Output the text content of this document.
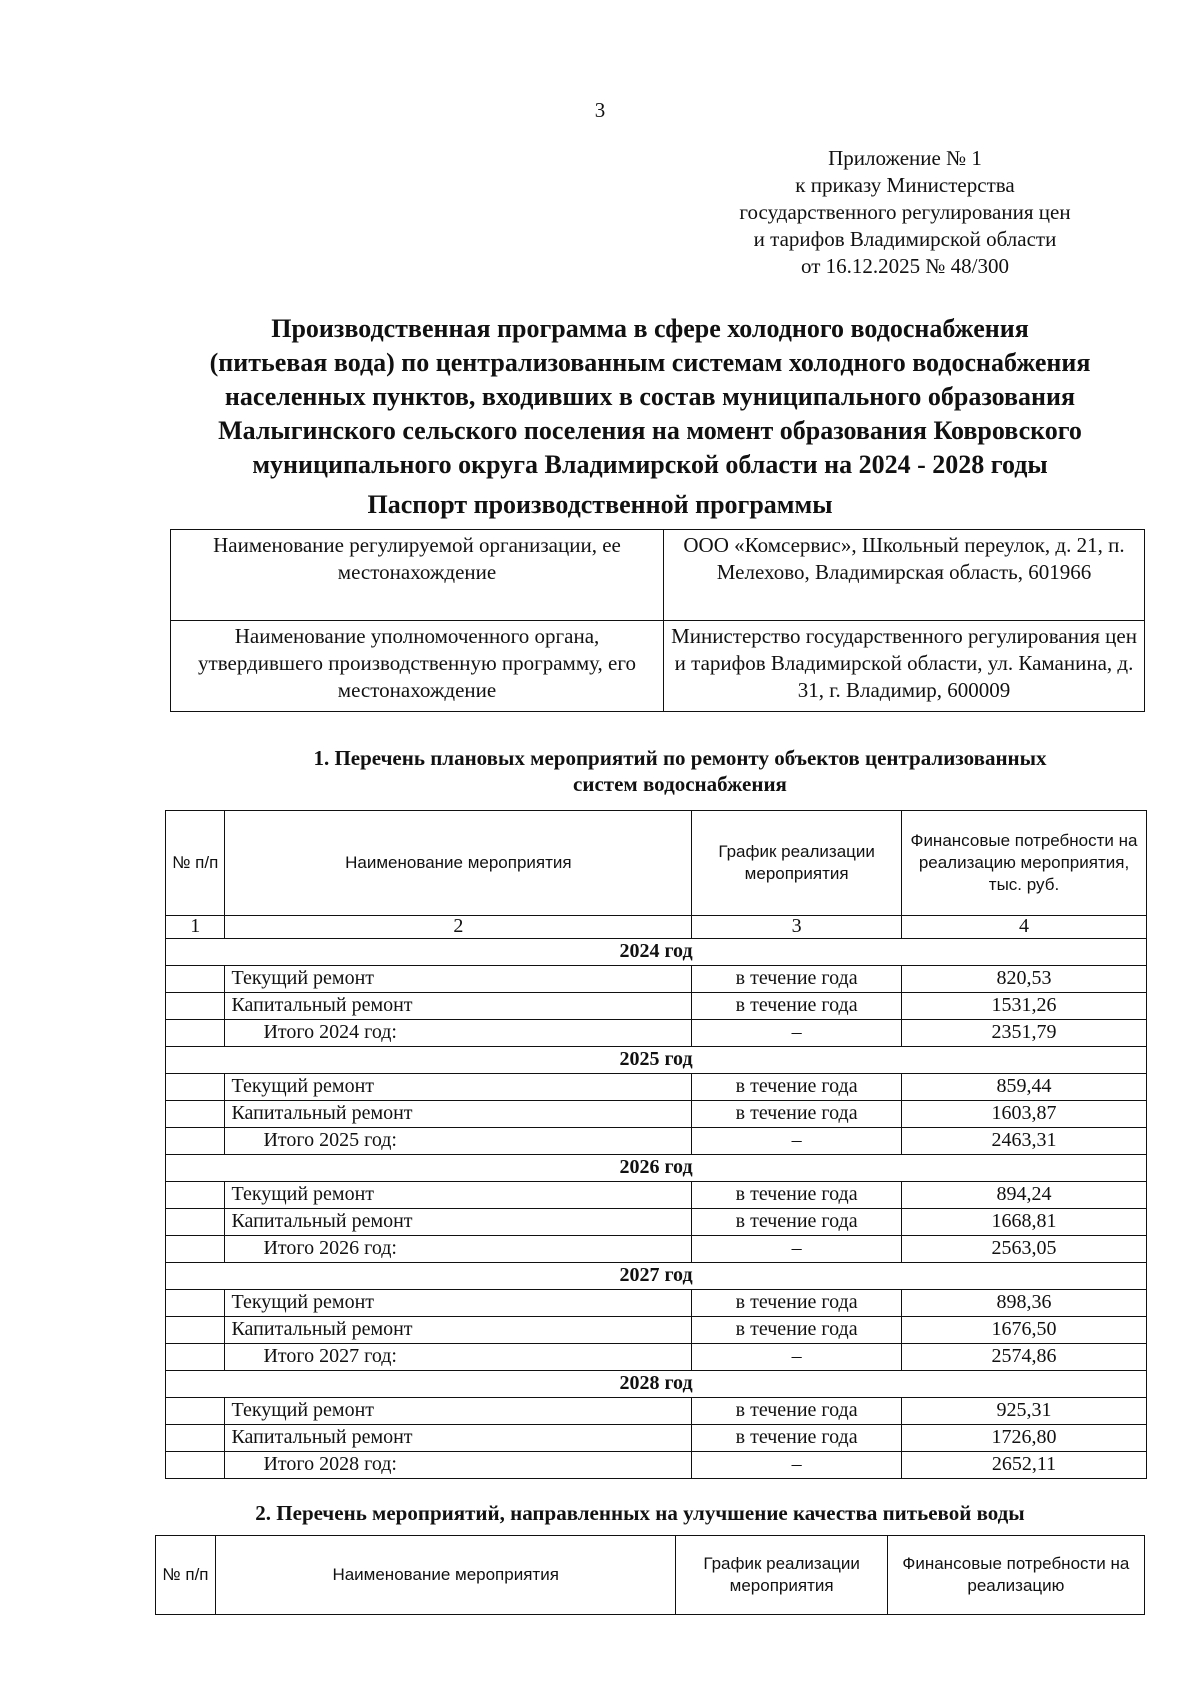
3
Приложение № 1
к приказу Министерства
государственного регулирования цен
и тарифов Владимирской области
от 16.12.2025 № 48/300
Производственная программа в сфере холодного водоснабжения
(питьевая вода) по централизованным системам холодного водоснабжения
населенных пунктов, входивших в состав муниципального образования
Малыгинского сельского поселения на момент образования Ковровского
муниципального округа Владимирской области на 2024 - 2028 годы
Паспорт производственной программы
Наименование регулируемой организации, ее местонахождение	ООО «Комсервис», Школьный переулок, д. 21, п. Мелехово, Владимирская область, 601966
Наименование уполномоченного органа, утвердившего производственную программу, его местонахождение	Министерство государственного регулирования цен и тарифов Владимирской области, ул. Каманина, д. 31, г. Владимир, 600009
1. Перечень плановых мероприятий по ремонту объектов централизованных
систем водоснабжения
№ п/п	Наименование мероприятия	График реализации мероприятия	Финансовые потребности на реализацию мероприятия, тыс. руб.
1	2	3	4
2024 год			
	Текущий ремонт	в течение года	820,53
	Капитальный ремонт	в течение года	1531,26
	Итого 2024 год:	–	2351,79
2025 год			
	Текущий ремонт	в течение года	859,44
	Капитальный ремонт	в течение года	1603,87
	Итого 2025 год:	–	2463,31
2026 год			
	Текущий ремонт	в течение года	894,24
	Капитальный ремонт	в течение года	1668,81
	Итого 2026 год:	–	2563,05
2027 год			
	Текущий ремонт	в течение года	898,36
	Капитальный ремонт	в течение года	1676,50
	Итого 2027 год:	–	2574,86
2028 год			
	Текущий ремонт	в течение года	925,31
	Капитальный ремонт	в течение года	1726,80
	Итого 2028 год:	–	2652,11
2. Перечень мероприятий, направленных на улучшение качества питьевой воды
№ п/п	Наименование мероприятия	График реализации мероприятия	Финансовые потребности на реализацию
